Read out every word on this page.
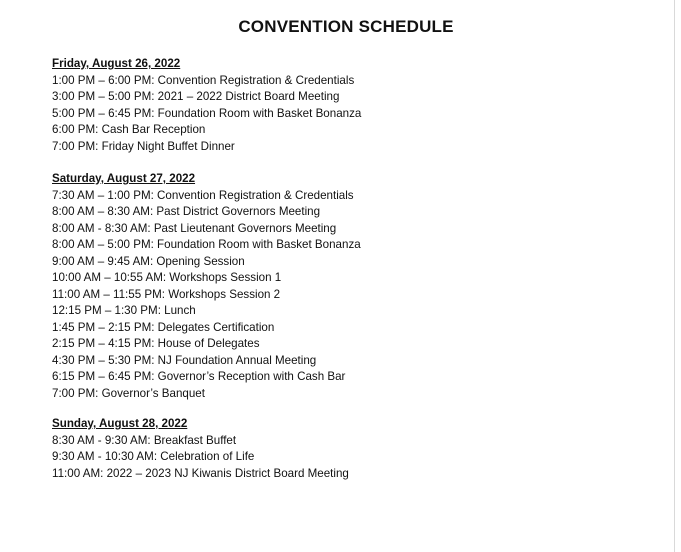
CONVENTION SCHEDULE
Friday, August 26, 2022
1:00 PM – 6:00 PM: Convention Registration & Credentials
3:00 PM – 5:00 PM: 2021 – 2022 District Board Meeting
5:00 PM – 6:45 PM: Foundation Room with Basket Bonanza
6:00 PM: Cash Bar Reception
7:00 PM: Friday Night Buffet Dinner
Saturday, August 27, 2022
7:30 AM – 1:00 PM: Convention Registration & Credentials
8:00 AM – 8:30 AM: Past District Governors Meeting
8:00 AM - 8:30 AM: Past Lieutenant Governors Meeting
8:00 AM – 5:00 PM: Foundation Room with Basket Bonanza
9:00 AM – 9:45 AM: Opening Session
10:00 AM – 10:55 AM: Workshops Session 1
11:00 AM – 11:55 PM: Workshops Session 2
12:15 PM – 1:30 PM: Lunch
1:45 PM – 2:15 PM: Delegates Certification
2:15 PM – 4:15 PM: House of Delegates
4:30 PM – 5:30 PM: NJ Foundation Annual Meeting
6:15 PM – 6:45 PM: Governor’s Reception with Cash Bar
7:00 PM: Governor’s Banquet
Sunday, August 28, 2022
8:30 AM - 9:30 AM: Breakfast Buffet
9:30 AM - 10:30 AM: Celebration of Life
11:00 AM: 2022 – 2023 NJ Kiwanis District Board Meeting
